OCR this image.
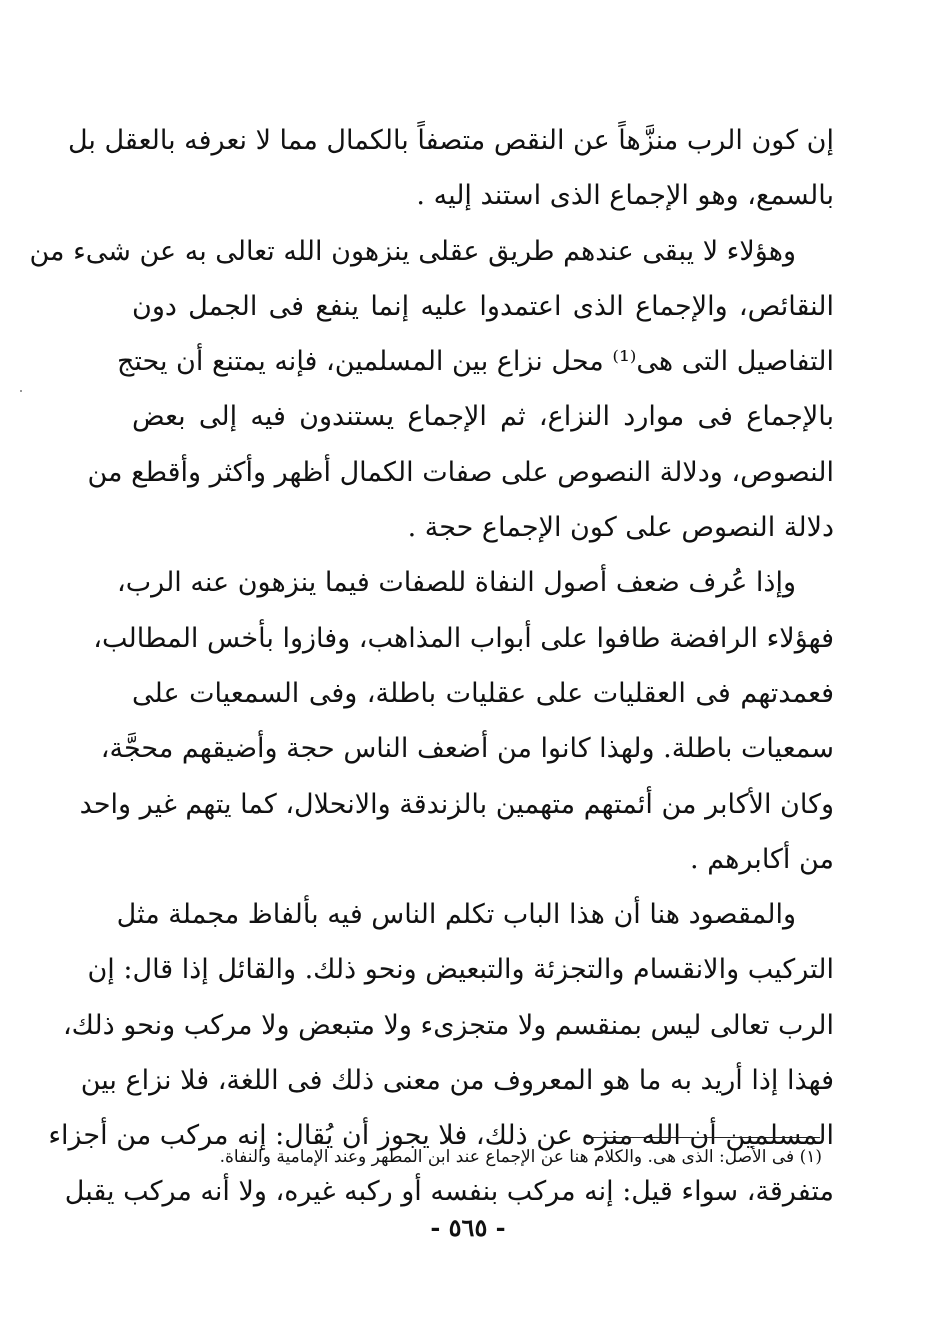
إن كون الرب منزَّهاً عن النقص متصفاً بالكمال مما لا نعرفه بالعقل بل
بالسمع، وهو الإجماع الذى استند إليه .
وهؤلاء لا يبقى عندهم طريق عقلى ينزهون الله تعالى به عن شىء من
النقائص، والإجماع الذى اعتمدوا عليه إنما ينفع فى الجمل دون
التفاصيل التى هى⁽¹⁾ محل نزاع بين المسلمين، فإنه يمتنع أن يحتج
بالإجماع فى موارد النزاع، ثم الإجماع يستندون فيه إلى بعض
النصوص، ودلالة النصوص على صفات الكمال أظهر وأكثر وأقطع من
دلالة النصوص على كون الإجماع حجة .
وإذا عُرف ضعف أصول النفاة للصفات فيما ينزهون عنه الرب،
فهؤلاء الرافضة طافوا على أبواب المذاهب، وفازوا بأخس المطالب،
فعمدتهم فى العقليات على عقليات باطلة، وفى السمعيات على
سمعيات باطلة. ولهذا كانوا من أضعف الناس حجة وأضيقهم محجَّة،
وكان الأكابر من أئمتهم متهمين بالزندقة والانحلال، كما يتهم غير واحد
من أكابرهم .
والمقصود هنا أن هذا الباب تكلم الناس فيه بألفاظ مجملة مثل
التركيب والانقسام والتجزئة والتبعيض ونحو ذلك. والقائل إذا قال: إن
الرب تعالى ليس بمنقسم ولا متجزىء ولا متبعض ولا مركب ونحو ذلك،
فهذا إذا أريد به ما هو المعروف من معنى ذلك فى اللغة، فلا نزاع بين
المسلمين أن الله منزه عن ذلك، فلا يجوز أن يُقال: إنه مركب من أجزاء
متفرقة، سواء قيل: إنه مركب بنفسه أو ركبه غيره، ولا أنه مركب يقبل
(١) فى الأصل: الذى هى. والكلام هنا عن الإجماع عند ابن المطهر وعند الإمامية والنفاة.
- ٥٦٥ -
